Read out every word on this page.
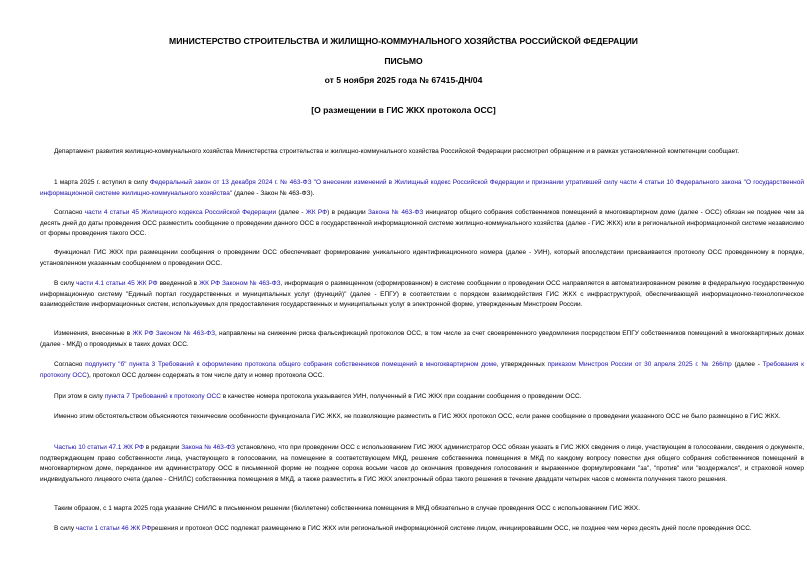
МИНИСТЕРСТВО СТРОИТЕЛЬСТВА И ЖИЛИЩНО-КОММУНАЛЬНОГО ХОЗЯЙСТВА РОССИЙСКОЙ ФЕДЕРАЦИИ
ПИСЬМО
от 5 ноября 2025 года № 67415-ДН/04
[О размещении в ГИС ЖКХ протокола ОСС]
Департамент развития жилищно-коммунального хозяйства Министерства строительства и жилищно-коммунального хозяйства Российской Федерации рассмотрел обращение и в рамках установленной компетенции сообщает.
1 марта 2025 г. вступил в силу Федеральный закон от 13 декабря 2024 г. № 463-ФЗ "О внесении изменений в Жилищный кодекс Российской Федерации и признании утратившей силу части 4 статьи 10 Федерального закона "О государственной информационной системе жилищно-коммунального хозяйства" (далее - Закон № 463-ФЗ).
Согласно части 4 статьи 45 Жилищного кодекса Российской Федерации (далее - ЖК РФ) в редакции Закона № 463-ФЗ инициатор общего собрания собственников помещений в многоквартирном доме (далее - ОСС) обязан не позднее чем за десять дней до даты проведения ОСС разместить сообщение о проведении данного ОСС в государственной информационной системе жилищно-коммунального хозяйства (далее - ГИС ЖКХ) или в региональной информационной системе независимо от формы проведения такого ОСС.
Функционал ГИС ЖКХ при размещении сообщения о проведении ОСС обеспечивает формирование уникального идентификационного номера (далее - УИН), который впоследствии присваивается протоколу ОСС проведенному в порядке, установленном указанным сообщением о проведении ОСС.
В силу части 4.1 статьи 45 ЖК РФ введенной в ЖК РФ Законом № 463-ФЗ, информация о размещенном (сформированном) в системе сообщении о проведении ОСС направляется в автоматизированном режиме в федеральную государственную информационную систему "Единый портал государственных и муниципальных услуг (функций)" (далее - ЕПГУ) в соответствии с порядком взаимодействия ГИС ЖКХ с инфраструктурой, обеспечивающей информационно-технологическое взаимодействие информационных систем, используемых для предоставления государственных и муниципальных услуг в электронной форме, утвержденным Минстроем России.
Изменения, внесенные в ЖК РФ Законом № 463-ФЗ, направлены на снижение риска фальсификаций протоколов ОСС, в том числе за счет своевременного уведомления посредством ЕПГУ собственников помещений в многоквартирных домах (далее - МКД) о проводимых в таких домах ОСС.
Согласно подпункту "б" пункта 3 Требований к оформлению протокола общего собрания собственников помещений в многоквартирном доме, утвержденных приказом Минстроя России от 30 апреля 2025 г. № 266/пр (далее - Требования к протоколу ОСС), протокол ОСС должен содержать в том числе дату и номер протокола ОСС.
При этом в силу пункта 7 Требований к протоколу ОСС в качестве номера протокола указывается УИН, полученный в ГИС ЖКХ при создании сообщения о проведении ОСС.
Именно этим обстоятельством объясняются технические особенности функционала ГИС ЖКХ, не позволяющие разместить в ГИС ЖКХ протокол ОСС, если ранее сообщение о проведении указанного ОСС не было размещено в ГИС ЖКХ.
Частью 10 статьи 47.1 ЖК РФ в редакции Закона № 463-ФЗ установлено, что при проведении ОСС с использованием ГИС ЖКХ администратор ОСС обязан указать в ГИС ЖКХ сведения о лице, участвующем в голосовании, сведения о документе, подтверждающем право собственности лица, участвующего в голосовании, на помещение в соответствующем МКД, решение собственника помещения в МКД по каждому вопросу повестки дня общего собрания собственников помещений в многоквартирном доме, переданное им администратору ОСС в письменной форме не позднее сорока восьми часов до окончания проведения голосования и выраженное формулировками "за", "против" или "воздержался", и страховой номер индивидуального лицевого счета (далее - СНИЛС) собственника помещения в МКД, а также разместить в ГИС ЖКХ электронный образ такого решения в течение двадцати четырех часов с момента получения такого решения.
Таким образом, с 1 марта 2025 года указание СНИЛС в письменном решении (бюллетене) собственника помещения в МКД обязательно в случае проведения ОСС с использованием ГИС ЖКХ.
В силу части 1 статьи 46 ЖК РФрешения и протокол ОСС подлежат размещению в ГИС ЖКХ или региональной информационной системе лицом, инициировавшим ОСС, не позднее чем через десять дней после проведения ОСС.
